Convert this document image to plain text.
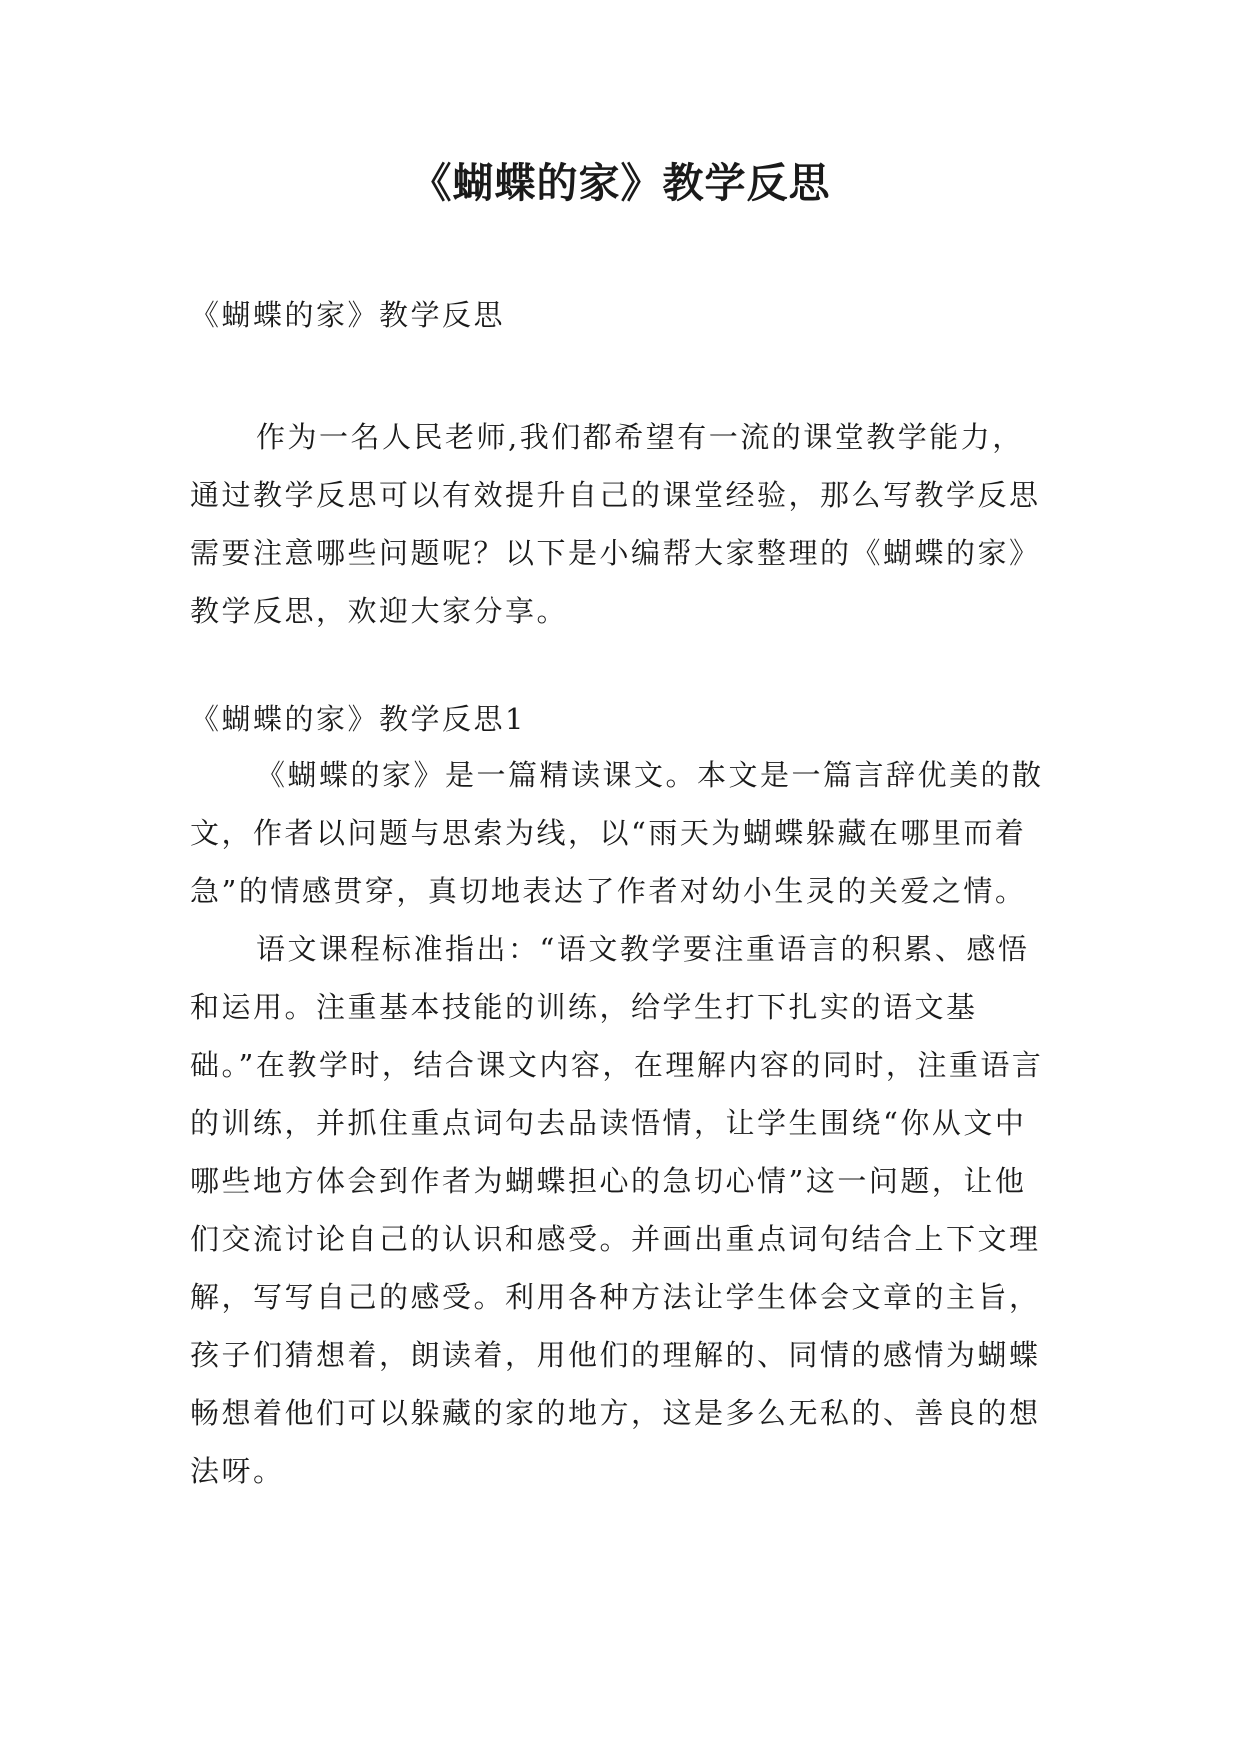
《蝴蝶的家》教学反思

《蝴蝶的家》教学反思

作为一名人民老师,我们都希望有一流的课堂教学能力，通过教学反思可以有效提升自己的课堂经验，那么写教学反思需要注意哪些问题呢？以下是小编帮大家整理的《蝴蝶的家》教学反思，欢迎大家分享。

《蝴蝶的家》教学反思1

《蝴蝶的家》是一篇精读课文。本文是一篇言辞优美的散文，作者以问题与思索为线，以“雨天为蝴蝶躲藏在哪里而着急”的情感贯穿，真切地表达了作者对幼小生灵的关爱之情。

语文课程标准指出：“语文教学要注重语言的积累、感悟和运用。注重基本技能的训练，给学生打下扎实的语文基础。”在教学时，结合课文内容，在理解内容的同时，注重语言的训练，并抓住重点词句去品读悟情，让学生围绕“你从文中哪些地方体会到作者为蝴蝶担心的急切心情”这一问题，让他们交流讨论自己的认识和感受。并画出重点词句结合上下文理解，写写自己的感受。利用各种方法让学生体会文章的主旨，孩子们猜想着，朗读着，用他们的理解的、同情的感情为蝴蝶畅想着他们可以躲藏的家的地方，这是多么无私的、善良的想法呀。
